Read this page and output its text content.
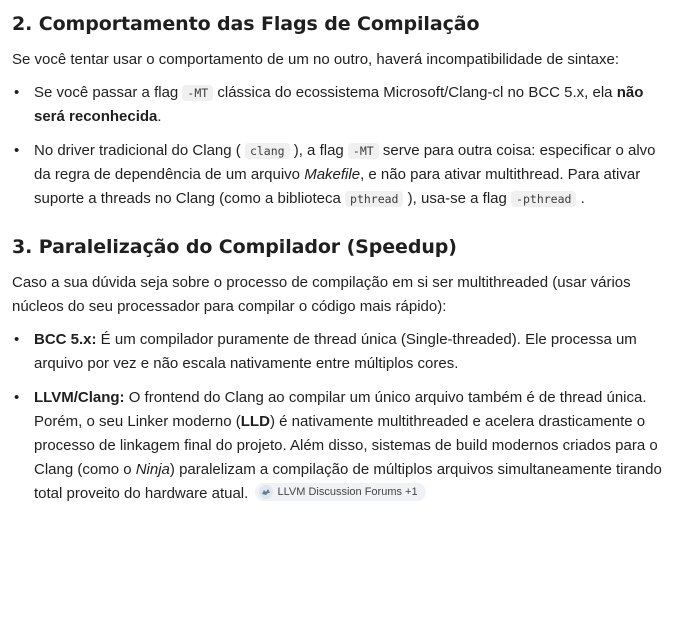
2. Comportamento das Flags de Compilação

Se você tentar usar o comportamento de um no outro, haverá incompatibilidade de sintaxe:

• Se você passar a flag -MT clássica do ecossistema Microsoft/Clang-cl no BCC 5.x, ela não será reconhecida.
• No driver tradicional do Clang ( clang ), a flag -MT serve para outra coisa: especificar o alvo da regra de dependência de um arquivo Makefile, e não para ativar multithread. Para ativar suporte a threads no Clang (como a biblioteca pthread ), usa-se a flag -pthread .
3. Paralelização do Compilador (Speedup)

Caso a sua dúvida seja sobre o processo de compilação em si ser multithreaded (usar vários núcleos do seu processador para compilar o código mais rápido):

• BCC 5.x: É um compilador puramente de thread única (Single-threaded). Ele processa um arquivo por vez e não escala nativamente entre múltiplos cores.
• LLVM/Clang: O frontend do Clang ao compilar um único arquivo também é de thread única. Porém, o seu Linker moderno (LLD) é nativamente multithreaded e acelera drasticamente o processo de linkagem final do projeto. Além disso, sistemas de build modernos criados para o Clang (como o Ninja) paralelizam a compilação de múltiplos arquivos simultaneamente tirando total proveito do hardware atual.	LLVM Discussion Forums +1
